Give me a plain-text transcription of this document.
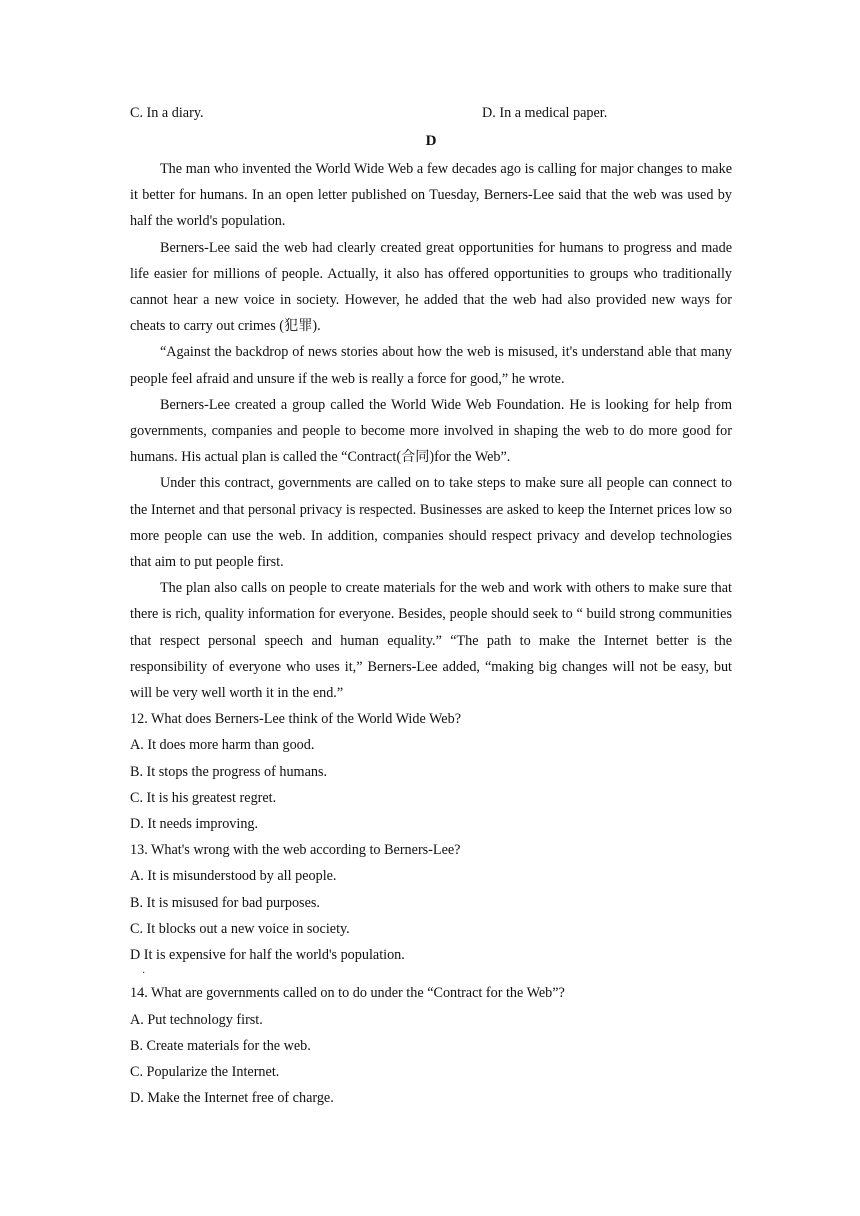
C. In a diary.	D. In a medical paper.
D

The man who invented the World Wide Web a few decades ago is calling for major changes to make it better for humans. In an open letter published on Tuesday, Berners-Lee said that the web was used by half the world's population.

Berners-Lee said the web had clearly created great opportunities for humans to progress and made life easier for millions of people. Actually, it also has offered opportunities to groups who traditionally cannot hear a new voice in society. However, he added that the web had also provided new ways for cheats to carry out crimes (犯罪).

“Against the backdrop of news stories about how the web is misused, it's understand able that many people feel afraid and unsure if the web is really a force for good,” he wrote.

Berners-Lee created a group called the World Wide Web Foundation. He is looking for help from governments, companies and people to become more involved in shaping the web to do more good for humans. His actual plan is called the “Contract(合同)for the Web”.

Under this contract, governments are called on to take steps to make sure all people can connect to the Internet and that personal privacy is respected. Businesses are asked to keep the Internet prices low so more people can use the web. In addition, companies should respect privacy and develop technologies that aim to put people first.

The plan also calls on people to create materials for the web and work with others to make sure that there is rich, quality information for everyone. Besides, people should seek to “ build strong communities that respect personal speech and human equality.” “The path to make the Internet better is the responsibility of everyone who uses it,” Berners-Lee added, “making big changes will not be easy, but will be very well worth it in the end.”

12. What does Berners-Lee think of the World Wide Web?

A. It does more harm than good.

B. It stops the progress of humans.

C. It is his greatest regret.

D. It needs improving.

13. What's wrong with the web according to Berners-Lee?

A. It is misunderstood by all people.

B. It is misused for bad purposes.

C. It blocks out a new voice in society.

D It is expensive for half the world's population.

14. What are governments called on to do under the “Contract for the Web”?

A. Put technology first.

B. Create materials for the web.

C. Popularize the Internet.

D. Make the Internet free of charge.

·
